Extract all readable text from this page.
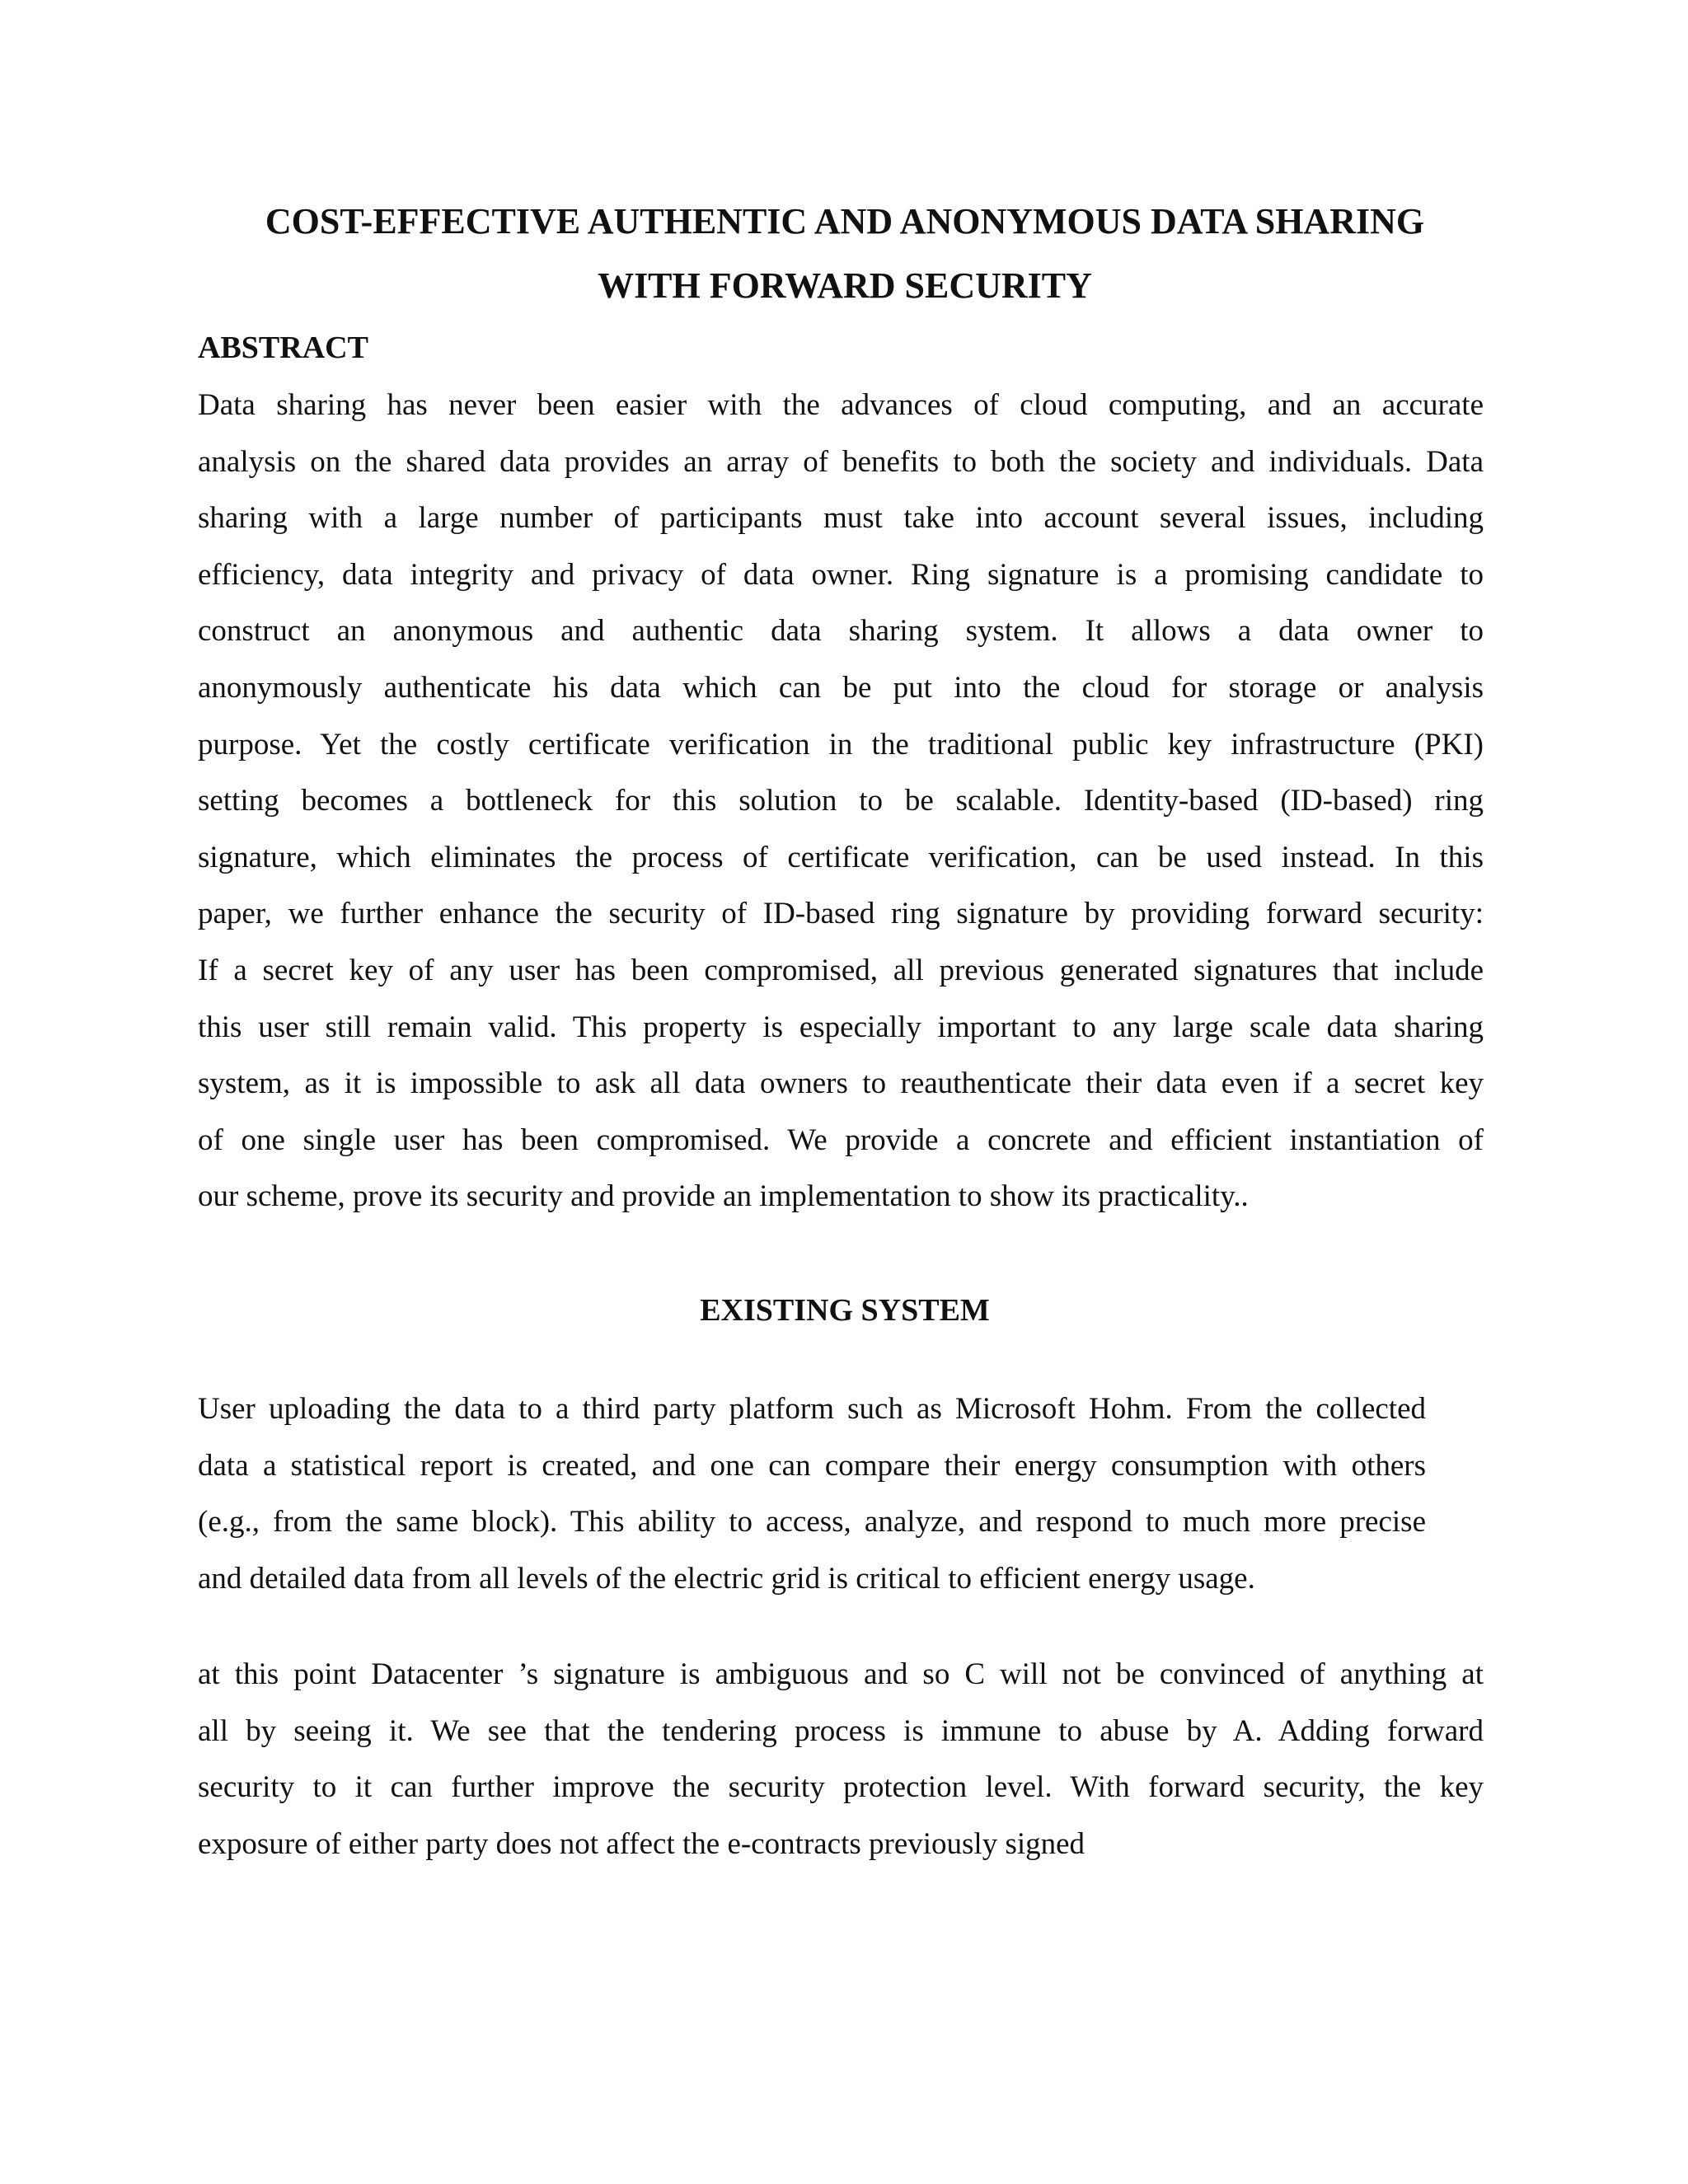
COST-EFFECTIVE AUTHENTIC AND ANONYMOUS DATA SHARING
WITH FORWARD SECURITY
ABSTRACT
Data sharing has never been easier with the advances of cloud computing, and an accurate
analysis on the shared data provides an array of benefits to both the society and individuals. Data
sharing with a large number of participants must take into account several issues, including
efficiency, data integrity and privacy of data owner. Ring signature is a promising candidate to
construct an anonymous and authentic data sharing system. It allows a data owner to
anonymously authenticate his data which can be put into the cloud for storage or analysis
purpose. Yet the costly certificate verification in the traditional public key infrastructure (PKI)
setting becomes a bottleneck for this solution to be scalable. Identity-based (ID-based) ring
signature, which eliminates the process of certificate verification, can be used instead. In this
paper, we further enhance the security of ID-based ring signature by providing forward security:
If a secret key of any user has been compromised, all previous generated signatures that include
this user still remain valid. This property is especially important to any large scale data sharing
system, as it is impossible to ask all data owners to reauthenticate their data even if a secret key
of one single user has been compromised. We provide a concrete and efficient instantiation of
our scheme, prove its security and provide an implementation to show its practicality..
EXISTING SYSTEM
User uploading the data to a third party platform such as Microsoft Hohm. From the collected
data a statistical report is created, and one can compare their energy consumption with others
(e.g., from the same block). This ability to access, analyze, and respond to much more precise
and detailed data from all levels of the electric grid is critical to efficient energy usage.
at this point Datacenter ’s signature is ambiguous and so C will not be convinced of anything at
all by seeing it. We see that the tendering process is immune to abuse by A. Adding forward
security to it can further improve the security protection level. With forward security, the key
exposure of either party does not affect the e-contracts previously signed
